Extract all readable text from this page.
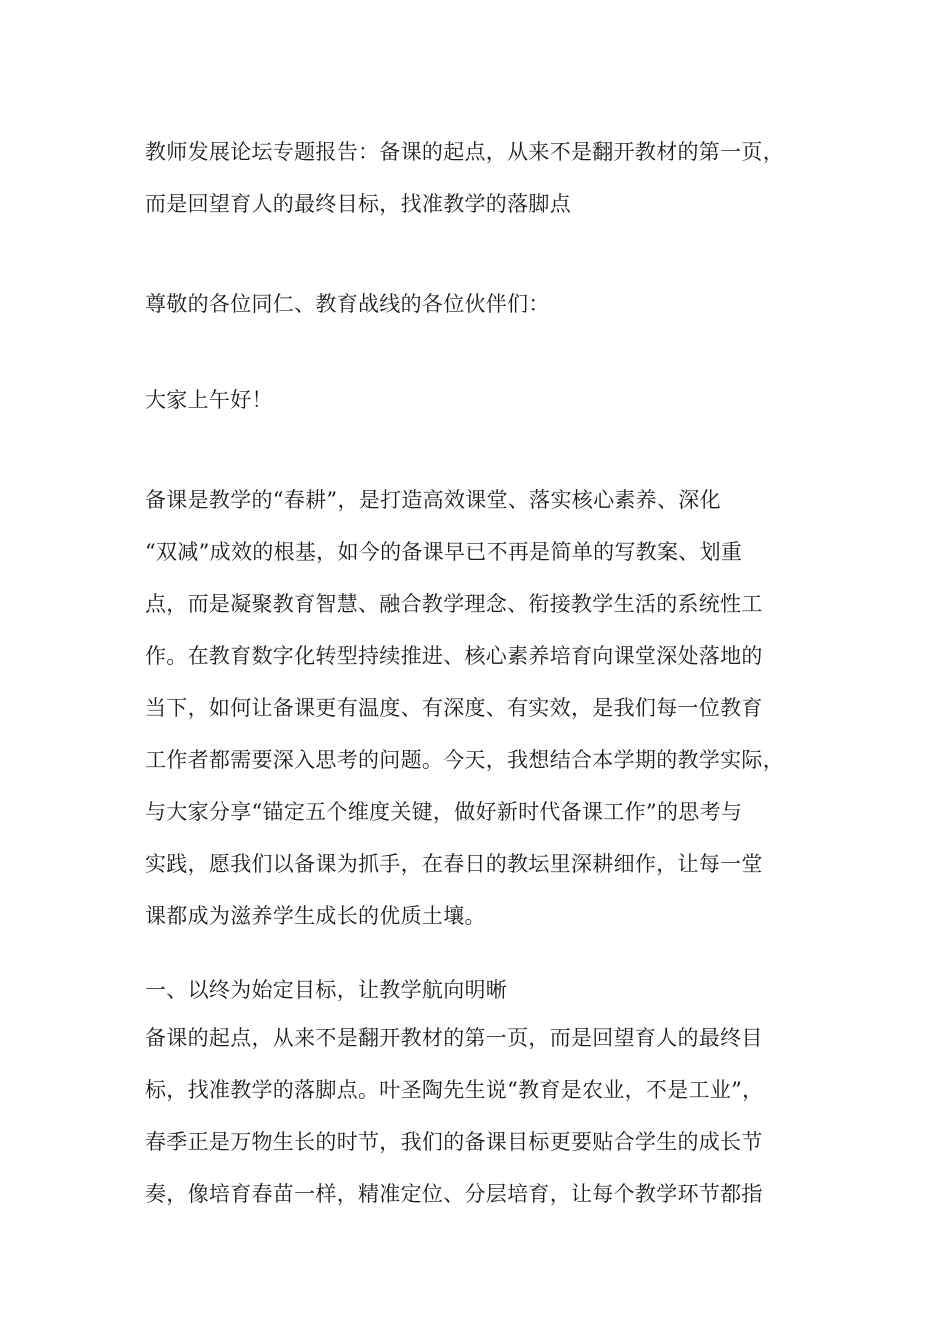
教师发展论坛专题报告：备课的起点，从来不是翻开教材的第一页，
而是回望育人的最终目标，找准教学的落脚点
尊敬的各位同仁、教育战线的各位伙伴们：
大家上午好！
备课是教学的“春耕”，是打造高效课堂、落实核心素养、深化
“双减”成效的根基，如今的备课早已不再是简单的写教案、划重
点，而是凝聚教育智慧、融合教学理念、衔接教学生活的系统性工
作。在教育数字化转型持续推进、核心素养培育向课堂深处落地的
当下，如何让备课更有温度、有深度、有实效，是我们每一位教育
工作者都需要深入思考的问题。今天，我想结合本学期的教学实际，
与大家分享“锚定五个维度关键，做好新时代备课工作”的思考与
实践，愿我们以备课为抓手，在春日的教坛里深耕细作，让每一堂
课都成为滋养学生成长的优质土壤。
一、以终为始定目标，让教学航向明晰
备课的起点，从来不是翻开教材的第一页，而是回望育人的最终目
标，找准教学的落脚点。叶圣陶先生说“教育是农业，不是工业”，
春季正是万物生长的时节，我们的备课目标更要贴合学生的成长节
奏，像培育春苗一样，精准定位、分层培育，让每个教学环节都指
